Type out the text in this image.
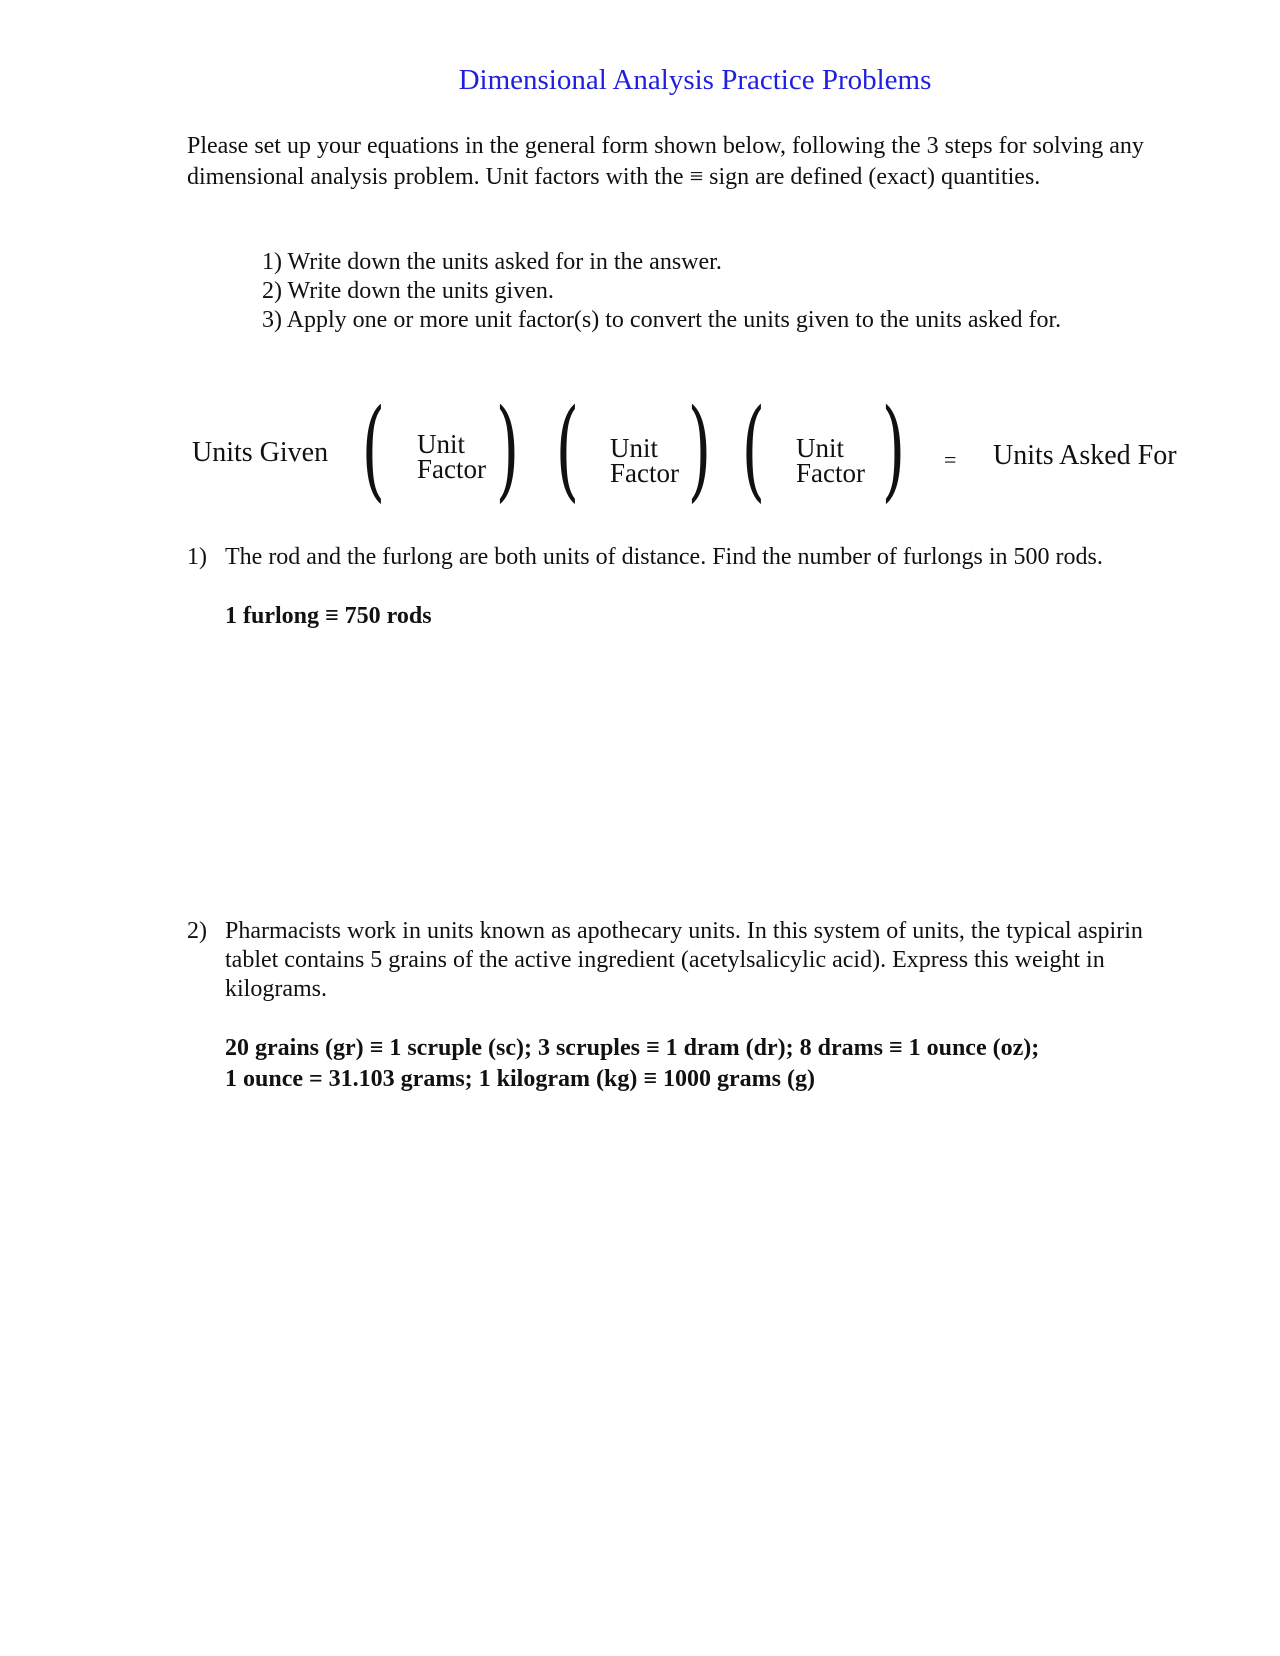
Dimensional Analysis Practice Problems
Please set up your equations in the general form shown below, following the 3 steps for solving any dimensional analysis problem. Unit factors with the ≡ sign are defined (exact) quantities.
1) Write down the units asked for in the answer.
2) Write down the units given.
3) Apply one or more unit factor(s) to convert the units given to the units asked for.
Units Given ( Unit
Factor ) ( Unit
Factor ) ( Unit
Factor ) = Units Asked For
1) The rod and the furlong are both units of distance. Find the number of furlongs in 500 rods.
1 furlong ≡ 750 rods
2) Pharmacists work in units known as apothecary units. In this system of units, the typical aspirin tablet contains 5 grains of the active ingredient (acetylsalicylic acid). Express this weight in kilograms.
20 grains (gr) ≡ 1 scruple (sc); 3 scruples ≡ 1 dram (dr); 8 drams ≡ 1 ounce (oz);
1 ounce = 31.103 grams; 1 kilogram (kg) ≡ 1000 grams (g)
